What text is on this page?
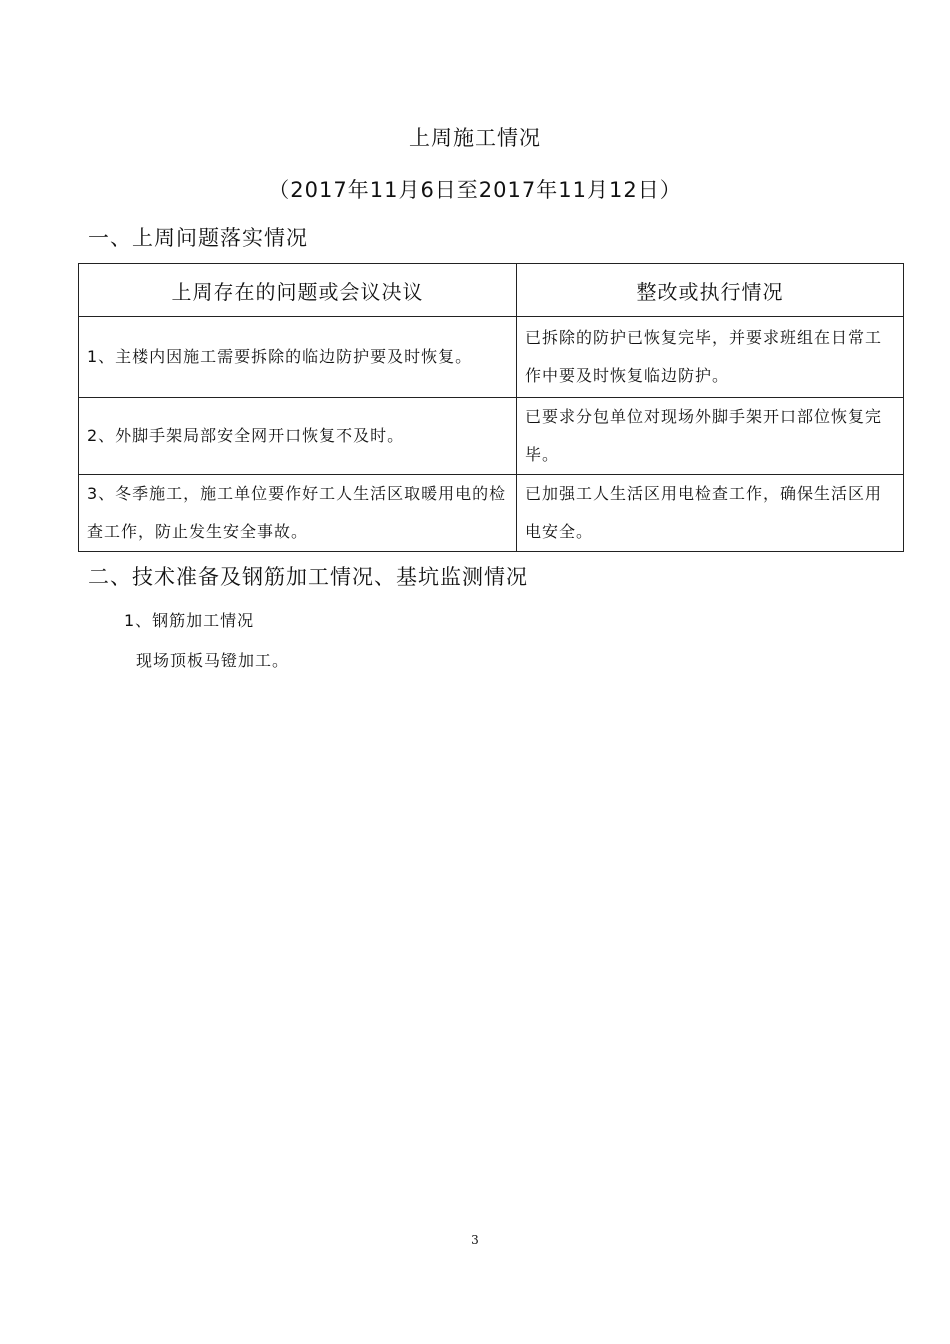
上周施工情况
（2017年11月6日至2017年11月12日）
一、上周问题落实情况
上周存在的问题或会议决议	整改或执行情况
1、主楼内因施工需要拆除的临边防护要及时恢复。	已拆除的防护已恢复完毕，并要求班组在日常工作中要及时恢复临边防护。
2、外脚手架局部安全网开口恢复不及时。	已要求分包单位对现场外脚手架开口部位恢复完毕。
3、冬季施工，施工单位要作好工人生活区取暖用电的检查工作，防止发生安全事故。	已加强工人生活区用电检查工作，确保生活区用电安全。
二、技术准备及钢筋加工情况、基坑监测情况
1、钢筋加工情况
现场顶板马镫加工。
3
